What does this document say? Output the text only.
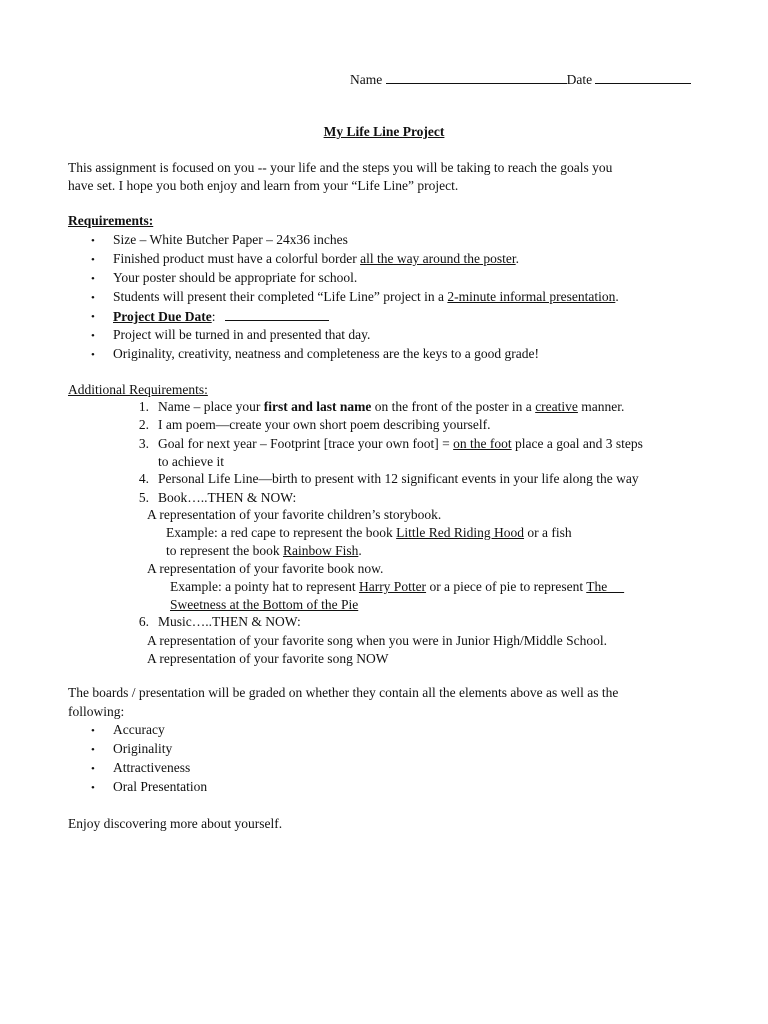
Name	Date
My Life Line Project
This assignment is focused on you -- your life and the steps you will be taking to reach the goals you
have set. I hope you both enjoy and learn from your “Life Line” project.
Requirements:
• Size – White Butcher Paper – 24x36 inches
Finished product must have a colorful border all the way around the poster.
•
• Your poster should be appropriate for school.
• Students will present their completed “Life Line” project in a 2-minute informal presentation.
• Project Due Date:
• Project will be turned in and presented that day.
• Originality, creativity, neatness and completeness are the keys to a good grade!
Additional Requirements:
1. Name – place your first and last name on the front of the poster in a creative manner.
2. I am poem—create your own short poem describing yourself.
3. Goal for next year – Footprint [trace your own foot] = on the foot place a goal and 3 steps
to achieve it
4. Personal Life Line—birth to present with 12 significant events in your life along the way
5. Book…..THEN & NOW:
A representation of your favorite children’s storybook.
Example: a red cape to represent the book Little Red Riding Hood or a fish
to represent the book Rainbow Fish.
A representation of your favorite book now.
Example: a pointy hat to represent Harry Potter or a piece of pie to represent The
Sweetness at the Bottom of the Pie
6. Music…..THEN & NOW:
A representation of your favorite song when you were in Junior High/Middle School.
A representation of your favorite song NOW
The boards / presentation will be graded on whether they contain all the elements above as well as the
following:
• Accuracy
• Originality
• Attractiveness
• Oral Presentation
Enjoy discovering more about yourself.
